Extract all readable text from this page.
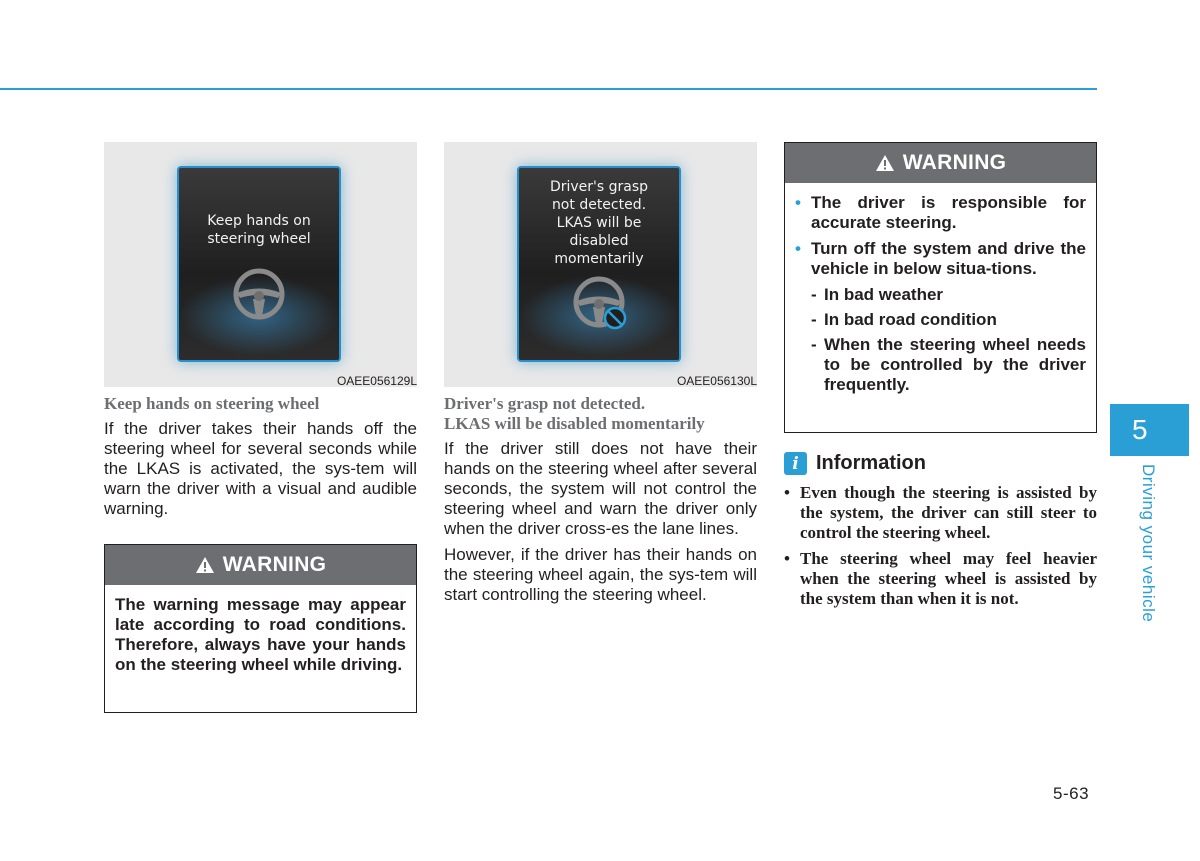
Keep hands on
steering wheel
OAEE056129L
Driver's grasp
not detected.
LKAS will be
disabled
momentarily
OAEE056130L

Keep hands on steering wheel

If the driver takes their hands off the steering wheel for several seconds while the LKAS is activated, the sys-tem will warn the driver with a visual and audible warning.

WARNING
The warning message may appear late according to road conditions. Therefore, always have your hands on the steering wheel while driving.

Driver's grasp not detected.
LKAS will be disabled momentarily

If the driver still does not have their hands on the steering wheel after several seconds, the system will not control the steering wheel and warn the driver only when the driver cross-es the lane lines.

However, if the driver has their hands on the steering wheel again, the sys-tem will start controlling the steering wheel.

WARNING
• The driver is responsible for accurate steering.
• Turn off the system and drive the vehicle in below situa-tions.
- In bad weather
- In bad road condition
- When the steering wheel needs to be controlled by the driver frequently.
i Information
• Even though the steering is assisted by the system, the driver can still steer to control the steering wheel.
• The steering wheel may feel heavier when the steering wheel is assisted by the system than when it is not.
5
Driving your vehicle
5-63
